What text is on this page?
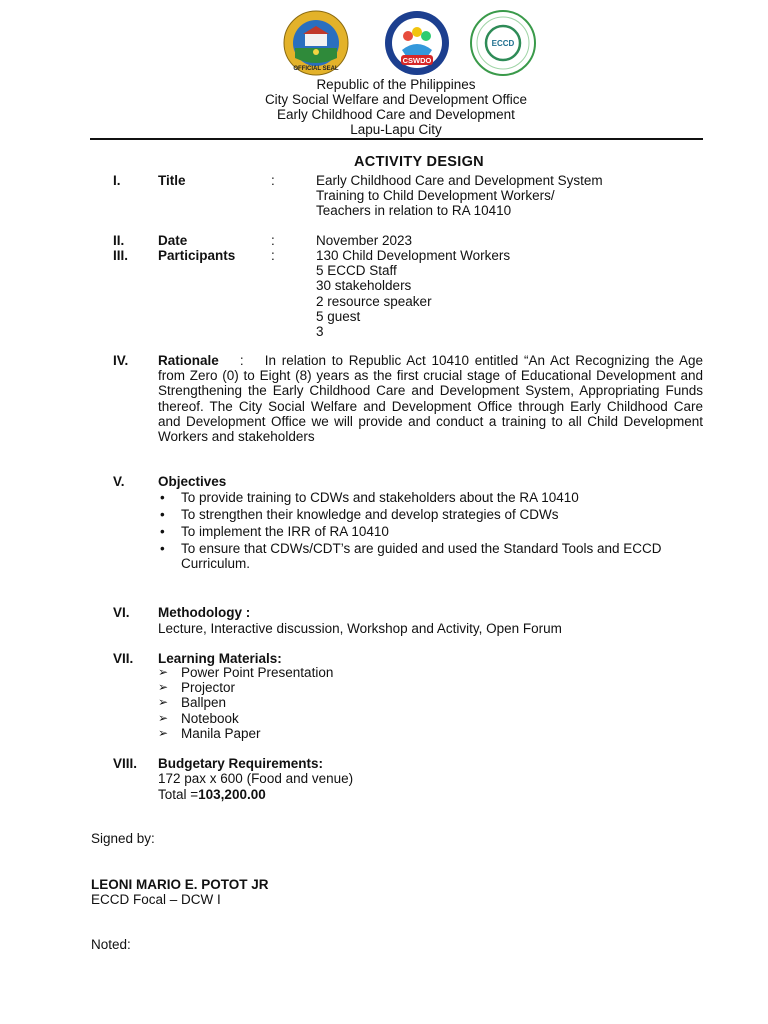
OFFICIAL SEAL
CSWDO
ECCD
Republic of the Philippines
City Social Welfare and Development Office
Early Childhood Care and Development
Lapu-Lapu City
ACTIVITY DESIGN
I.	Title	:	Early Childhood Care and Development System
Training to Child Development Workers/
Teachers in relation to RA 10410
II. Date	:	November 2023
III. Participants	:	130 Child Development Workers
5 ECCD Staff
30 stakeholders
2 resource speaker
5 guest
3
IV. Rationale : In relation to Republic Act 10410 entitled “An Act Recognizing the Age from Zero (0) to Eight (8) years as the first crucial stage of Educational Development and Strengthening the Early Childhood Care and Development System, Appropriating Funds thereof. The City Social Welfare and Development Office through Early Childhood Care and Development Office we will provide and conduct a training to all Child Development Workers and stakeholders
V. Objectives
• To provide training to CDWs and stakeholders about the RA 10410
• To strengthen their knowledge and develop strategies of CDWs
• To implement the IRR of RA 10410
• To ensure that CDWs/CDT’s are guided and used the Standard Tools and ECCD Curriculum.
VI. Methodology :
Lecture, Interactive discussion, Workshop and Activity, Open Forum
VII. Learning Materials:
➢ Power Point Presentation
➢ Projector
➢ Ballpen
➢ Notebook
➢ Manila Paper
VIII. Budgetary Requirements:
172 pax x 600 (Food and venue)
Total =103,200.00
Signed by:
LEONI MARIO E. POTOT JR
ECCD Focal – DCW I
Noted:
